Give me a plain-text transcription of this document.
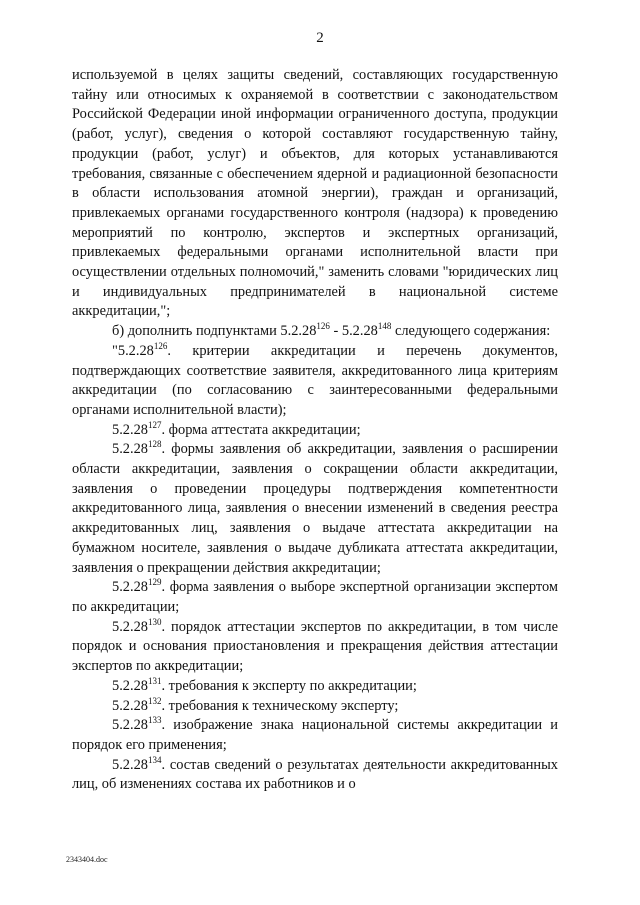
2

используемой в целях защиты сведений, составляющих государственную тайну или относимых к охраняемой в соответствии с законодательством Российской Федерации иной информации ограниченного доступа, продукции (работ, услуг), сведения о которой составляют государственную тайну, продукции (работ, услуг) и объектов, для которых устанавливаются требования, связанные с обеспечением ядерной и радиационной безопасности в области использования атомной энергии), граждан и организаций, привлекаемых органами государственного контроля (надзора) к проведению мероприятий по контролю, экспертов и экспертных организаций, привлекаемых федеральными органами исполнительной власти при осуществлении отдельных полномочий," заменить словами "юридических лиц и индивидуальных предпринимателей в национальной системе аккредитации,";

б) дополнить подпунктами 5.2.28$^{126}$ - 5.2.28$^{148}$ следующего содержания:

"5.2.28$^{126}$. критерии аккредитации и перечень документов, подтверждающих соответствие заявителя, аккредитованного лица критериям аккредитации (по согласованию с заинтересованными федеральными органами исполнительной власти);

5.2.28$^{127}$. форма аттестата аккредитации;

5.2.28$^{128}$. формы заявления об аккредитации, заявления о расширении области аккредитации, заявления о сокращении области аккредитации, заявления о проведении процедуры подтверждения компетентности аккредитованного лица, заявления о внесении изменений в сведения реестра аккредитованных лиц, заявления о выдаче аттестата аккредитации на бумажном носителе, заявления о выдаче дубликата аттестата аккредитации, заявления о прекращении действия аккредитации;

5.2.28$^{129}$. форма заявления о выборе экспертной организации экспертом по аккредитации;

5.2.28$^{130}$. порядок аттестации экспертов по аккредитации, в том числе порядок и основания приостановления и прекращения действия аттестации экспертов по аккредитации;

5.2.28$^{131}$. требования к эксперту по аккредитации;

5.2.28$^{132}$. требования к техническому эксперту;

5.2.28$^{133}$. изображение знака национальной системы аккредитации и порядок его применения;

5.2.28$^{134}$. состав сведений о результатах деятельности аккредитованных лиц, об изменениях состава их работников и о

2343404.doc
